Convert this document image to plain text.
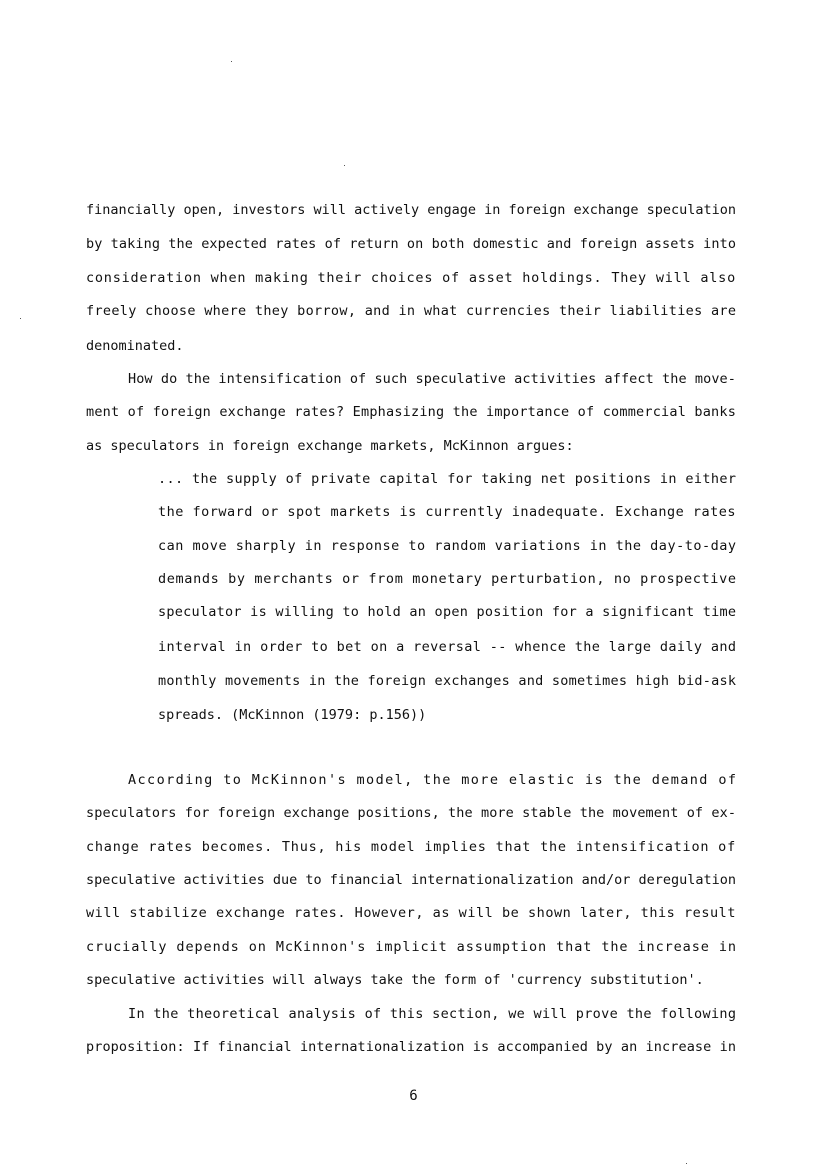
financially open, investors will actively engage in foreign exchange speculation
by taking the expected rates of return on both domestic and foreign assets into
consideration when making their choices of asset holdings. They will also
freely choose where they borrow, and in what currencies their liabilities are
denominated.
How do the intensification of such speculative activities affect the move-
ment of foreign exchange rates? Emphasizing the importance of commercial banks
as speculators in foreign exchange markets, McKinnon argues:
... the supply of private capital for taking net positions in either
the forward or spot markets is currently inadequate. Exchange rates
can move sharply in response to random variations in the day-to-day
demands by merchants or from monetary perturbation, no prospective
speculator is willing to hold an open position for a significant time
interval in order to bet on a reversal -- whence the large daily and
monthly movements in the foreign exchanges and sometimes high bid-ask
spreads. (McKinnon (1979: p.156))
According to McKinnon's model, the more elastic is the demand of
speculators for foreign exchange positions, the more stable the movement of ex-
change rates becomes. Thus, his model implies that the intensification of
speculative activities due to financial internationalization and/or deregulation
will stabilize exchange rates. However, as will be shown later, this result
crucially depends on McKinnon's implicit assumption that the increase in
speculative activities will always take the form of 'currency substitution'.
In the theoretical analysis of this section, we will prove the following
proposition: If financial internationalization is accompanied by an increase in
6
